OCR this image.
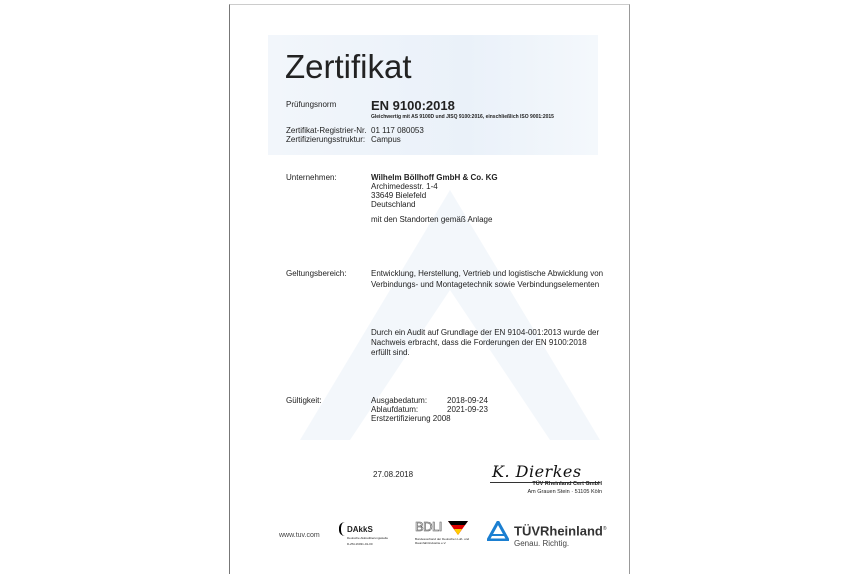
Zertifikat
Prüfungsnorm	EN 9100:2018
Gleichwertig mit AS 9100D und JISQ 9100:2016, einschließlich ISO 9001:2015
Zertifikat-Registrier-Nr. 01 117 080053
Zertifizierungsstruktur: Campus
Unternehmen:	Wilhelm Böllhoff GmbH & Co. KG
Archimedesstr. 1-4
33649 Bielefeld
Deutschland
mit den Standorten gemäß Anlage
Geltungsbereich:	Entwicklung, Herstellung, Vertrieb und logistische Abwicklung von
Verbindungs- und Montagetechnik sowie Verbindungselementen
Durch ein Audit auf Grundlage der EN 9104-001:2013 wurde der
Nachweis erbracht, dass die Forderungen der EN 9100:2018
erfüllt sind.
Gültigkeit:	Ausgabedatum: 2018-09-24
Ablaufdatum:	2021-09-23
Erstzertifizierung 2008
27.08.2018	K. Dierkes
TÜV Rheinland Cert GmbH
Am Grauen Stein · 51105 Köln
www.tuv.com
DAkkS
Deutsche Akkreditierungsstelle
D-ZM-16031-01-00
BDLI
Bundesverband der Deutschen Luft- und Raumfahrtindustrie e.V.
TÜVRheinland®
Genau. Richtig.
